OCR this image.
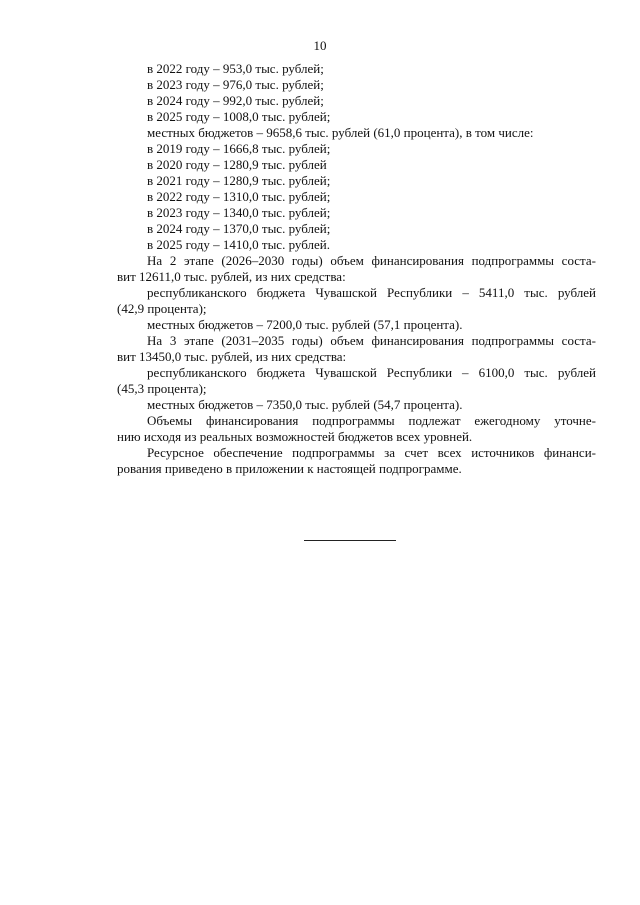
10
в 2022 году – 953,0 тыс. рублей;
в 2023 году – 976,0 тыс. рублей;
в 2024 году – 992,0 тыс. рублей;
в 2025 году – 1008,0 тыс. рублей;
местных бюджетов – 9658,6 тыс. рублей (61,0 процента), в том числе:
в 2019 году – 1666,8 тыс. рублей;
в 2020 году – 1280,9 тыс. рублей
в 2021 году – 1280,9 тыс. рублей;
в 2022 году – 1310,0 тыс. рублей;
в 2023 году – 1340,0 тыс. рублей;
в 2024 году – 1370,0 тыс. рублей;
в 2025 году – 1410,0 тыс. рублей.
На 2 этапе (2026–2030 годы) объем финансирования подпрограммы соста-
вит 12611,0 тыс. рублей, из них средства:
республиканского бюджета Чувашской Республики – 5411,0 тыс. рублей
(42,9 процента);
местных бюджетов – 7200,0 тыс. рублей (57,1 процента).
На 3 этапе (2031–2035 годы) объем финансирования подпрограммы соста-
вит 13450,0 тыс. рублей, из них средства:
республиканского бюджета Чувашской Республики – 6100,0 тыс. рублей
(45,3 процента);
местных бюджетов – 7350,0 тыс. рублей (54,7 процента).
Объемы финансирования подпрограммы подлежат ежегодному уточне-
нию исходя из реальных возможностей бюджетов всех уровней.
Ресурсное обеспечение подпрограммы за счет всех источников финанси-
рования приведено в приложении к настоящей подпрограмме.
